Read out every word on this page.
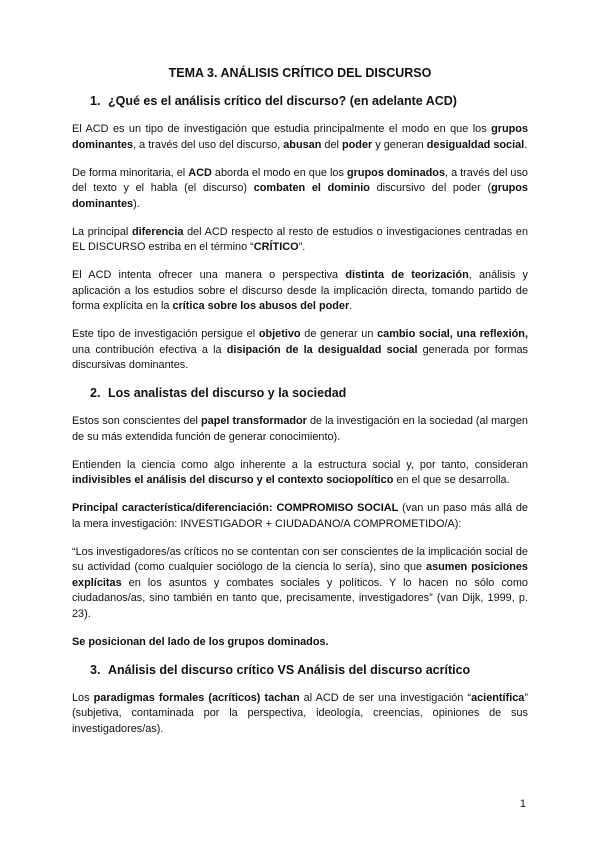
TEMA 3. ANÁLISIS CRÍTICO DEL DISCURSO
1. ¿Qué es el análisis crítico del discurso? (en adelante ACD)

El ACD es un tipo de investigación que estudia principalmente el modo en que los grupos dominantes, a través del uso del discurso, abusan del poder y generan desigualdad social.

De forma minoritaria, el ACD aborda el modo en que los grupos dominados, a través del uso del texto y el habla (el discurso) combaten el dominio discursivo del poder (grupos dominantes).

La principal diferencia del ACD respecto al resto de estudios o investigaciones centradas en EL DISCURSO estriba en el término “CRÍTICO”.

El ACD intenta ofrecer una manera o perspectiva distinta de teorización, análisis y aplicación a los estudios sobre el discurso desde la implicación directa, tomando partido de forma explícita en la crítica sobre los abusos del poder.

Este tipo de investigación persigue el objetivo de generar un cambio social, una reflexión, una contribución efectiva a la disipación de la desigualdad social generada por formas discursivas dominantes.

2. Los analistas del discurso y la sociedad

Estos son conscientes del papel transformador de la investigación en la sociedad (al margen de su más extendida función de generar conocimiento).

Entienden la ciencia como algo inherente a la estructura social y, por tanto, consideran indivisibles el análisis del discurso y el contexto sociopolítico en el que se desarrolla.

Principal característica/diferenciación: COMPROMISO SOCIAL (van un paso más allá de la mera investigación: INVESTIGADOR + CIUDADANO/A COMPROMETIDO/A):

“Los investigadores/as críticos no se contentan con ser conscientes de la implicación social de su actividad (como cualquier sociólogo de la ciencia lo sería), sino que asumen posiciones explícitas en los asuntos y combates sociales y políticos. Y lo hacen no sólo como ciudadanos/as, sino también en tanto que, precisamente, investigadores” (van Dijk, 1999, p. 23).

Se posicionan del lado de los grupos dominados.

3. Análisis del discurso crítico VS Análisis del discurso acrítico

Los paradigmas formales (acríticos) tachan al ACD de ser una investigación “acientífica” (subjetiva, contaminada por la perspectiva, ideología, creencias, opiniones de sus investigadores/as).

1
